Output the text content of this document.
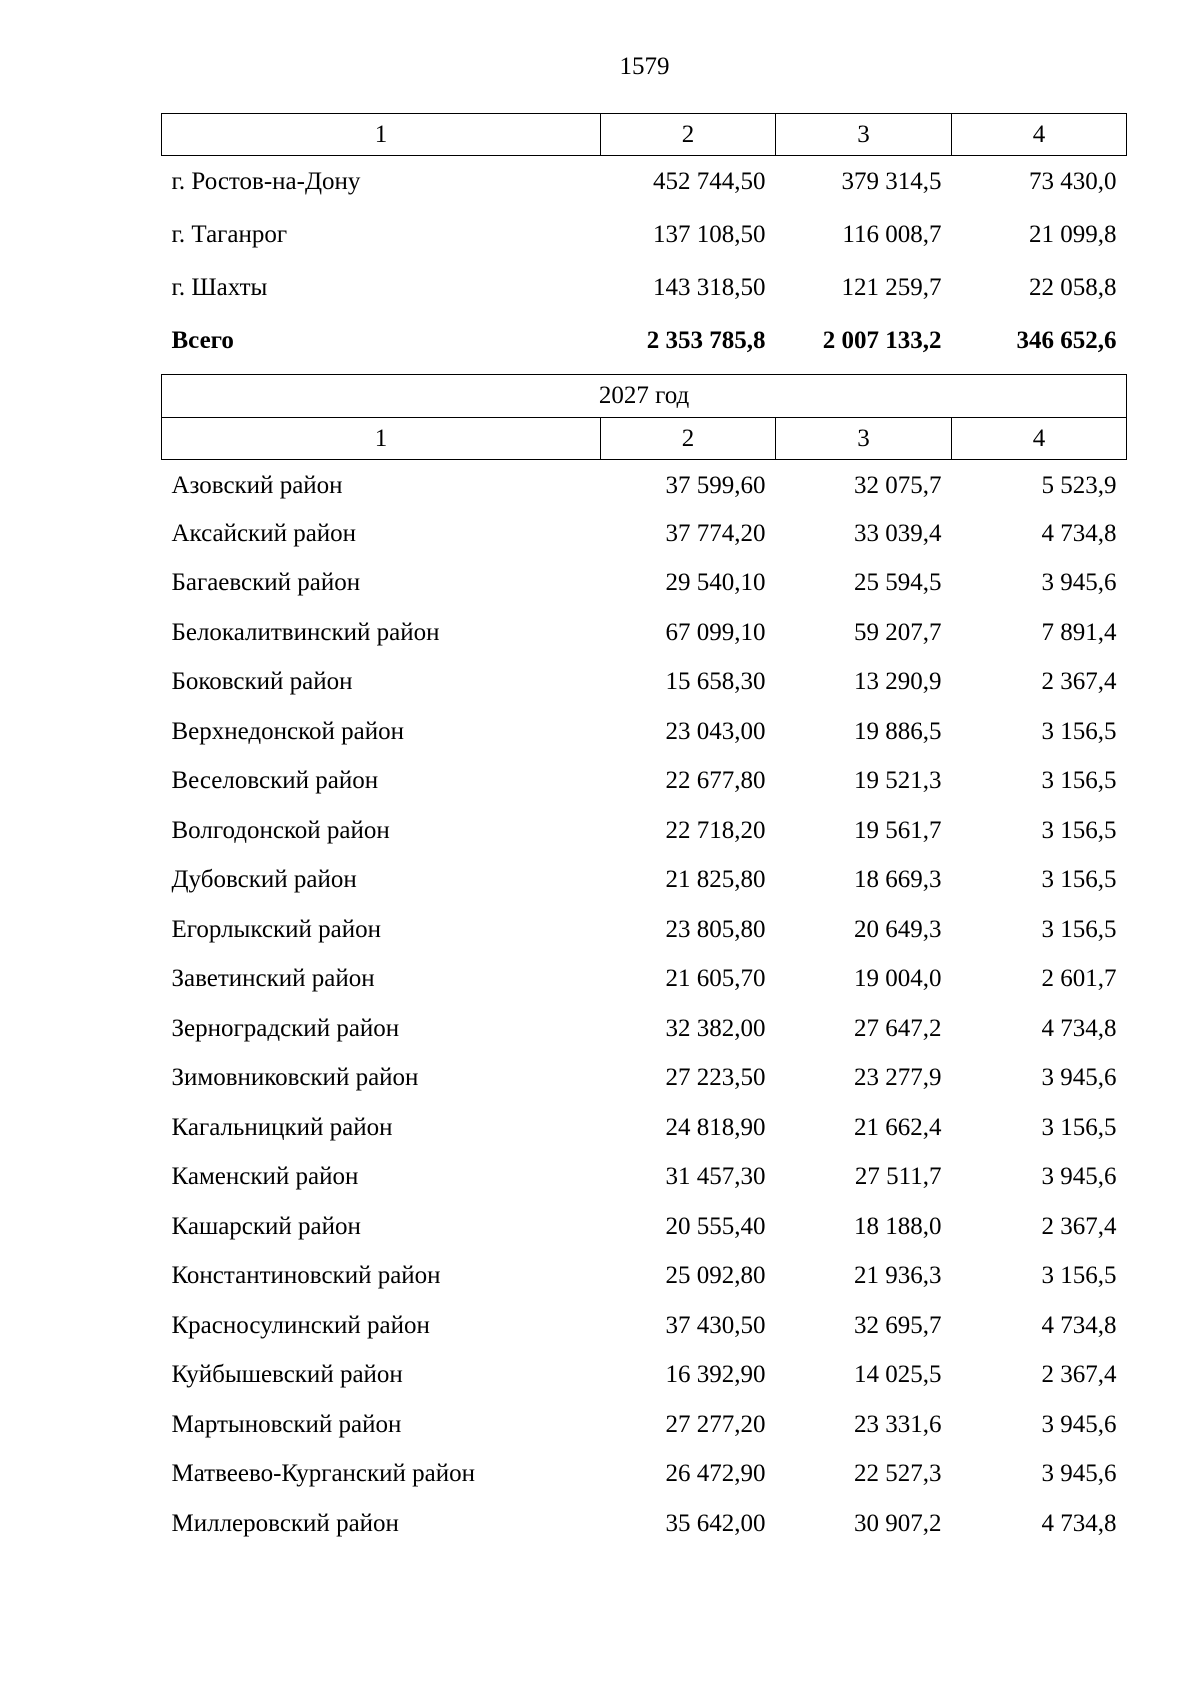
1579
1	2	3	4
г. Ростов-на-Дону	452 744,50	379 314,5	73 430,0
г. Таганрог	137 108,50	116 008,7	21 099,8
г. Шахты	143 318,50	121 259,7	22 058,8
Всего	2 353 785,8	2 007 133,2	346 652,6
2027 год			
1	2	3	4
Азовский район	37 599,60	32 075,7	5 523,9
Аксайский район	37 774,20	33 039,4	4 734,8
Багаевский район	29 540,10	25 594,5	3 945,6
Белокалитвинский район	67 099,10	59 207,7	7 891,4
Боковский район	15 658,30	13 290,9	2 367,4
Верхнедонской район	23 043,00	19 886,5	3 156,5
Веселовский район	22 677,80	19 521,3	3 156,5
Волгодонской район	22 718,20	19 561,7	3 156,5
Дубовский район	21 825,80	18 669,3	3 156,5
Егорлыкский район	23 805,80	20 649,3	3 156,5
Заветинский район	21 605,70	19 004,0	2 601,7
Зерноградский район	32 382,00	27 647,2	4 734,8
Зимовниковский район	27 223,50	23 277,9	3 945,6
Кагальницкий район	24 818,90	21 662,4	3 156,5
Каменский район	31 457,30	27 511,7	3 945,6
Кашарский район	20 555,40	18 188,0	2 367,4
Константиновский район	25 092,80	21 936,3	3 156,5
Красносулинский район	37 430,50	32 695,7	4 734,8
Куйбышевский район	16 392,90	14 025,5	2 367,4
Мартыновский район	27 277,20	23 331,6	3 945,6
Матвеево-Курганский район	26 472,90	22 527,3	3 945,6
Миллеровский район	35 642,00	30 907,2	4 734,8
